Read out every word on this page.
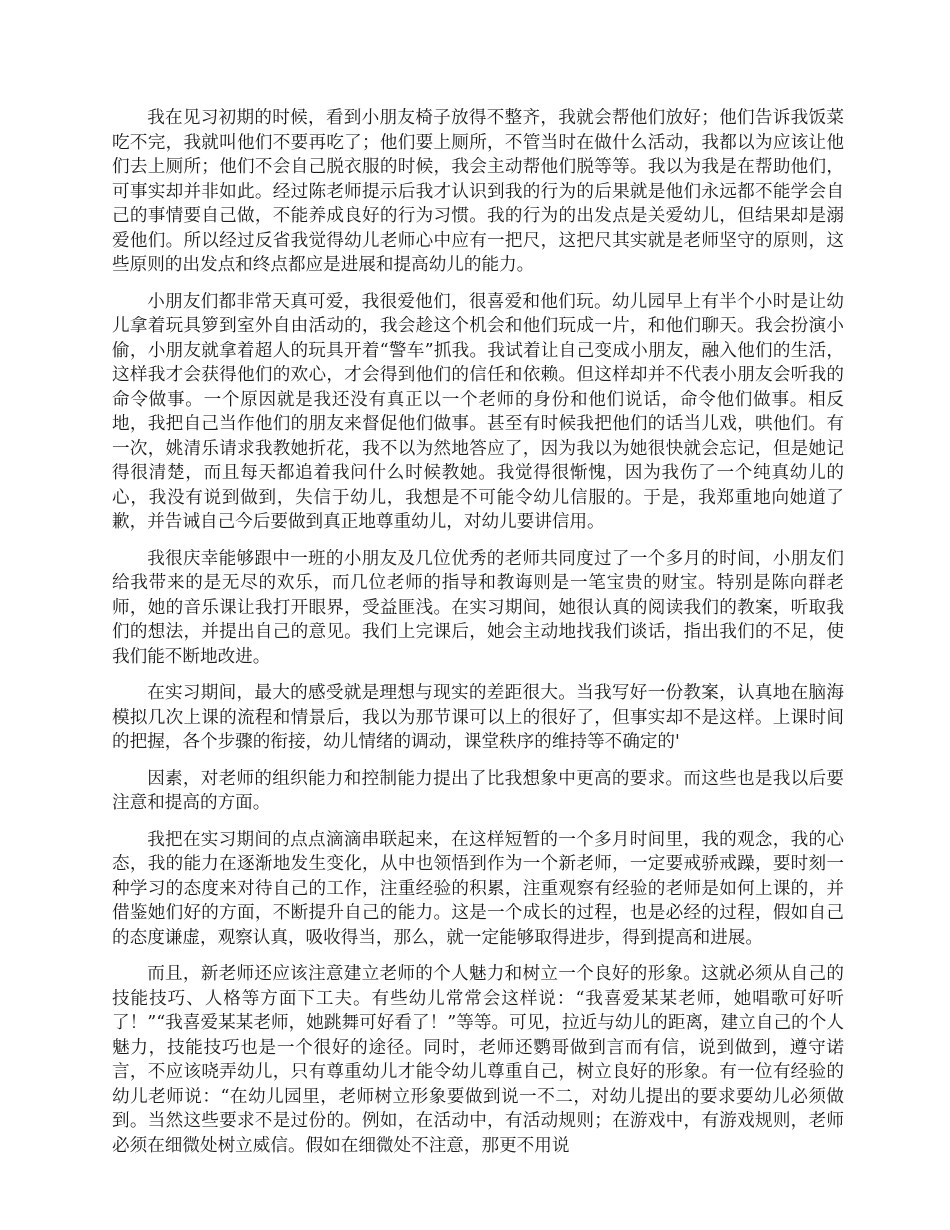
我在见习初期的时候，看到小朋友椅子放得不整齐，我就会帮他们放好；他们告诉我饭菜吃不完，我就叫他们不要再吃了；他们要上厕所，不管当时在做什么活动，我都以为应该让他们去上厕所；他们不会自己脱衣服的时候，我会主动帮他们脱等等。我以为我是在帮助他们，可事实却并非如此。经过陈老师提示后我才认识到我的行为的后果就是他们永远都不能学会自己的事情要自己做，不能养成良好的行为习惯。我的行为的出发点是关爱幼儿，但结果却是溺爱他们。所以经过反省我觉得幼儿老师心中应有一把尺，这把尺其实就是老师坚守的原则，这些原则的出发点和终点都应是进展和提高幼儿的能力。

小朋友们都非常天真可爱，我很爱他们，很喜爱和他们玩。幼儿园早上有半个小时是让幼儿拿着玩具箩到室外自由活动的，我会趁这个机会和他们玩成一片，和他们聊天。我会扮演小偷，小朋友就拿着超人的玩具开着“警车”抓我。我试着让自己变成小朋友，融入他们的生活，这样我才会获得他们的欢心，才会得到他们的信任和依赖。但这样却并不代表小朋友会听我的命令做事。一个原因就是我还没有真正以一个老师的身份和他们说话，命令他们做事。相反地，我把自己当作他们的朋友来督促他们做事。甚至有时候我把他们的话当儿戏，哄他们。有一次，姚清乐请求我教她折花，我不以为然地答应了，因为我以为她很快就会忘记，但是她记得很清楚，而且每天都追着我问什么时候教她。我觉得很惭愧，因为我伤了一个纯真幼儿的心，我没有说到做到，失信于幼儿，我想是不可能令幼儿信服的。于是，我郑重地向她道了歉，并告诫自己今后要做到真正地尊重幼儿，对幼儿要讲信用。

我很庆幸能够跟中一班的小朋友及几位优秀的老师共同度过了一个多月的时间，小朋友们给我带来的是无尽的欢乐，而几位老师的指导和教诲则是一笔宝贵的财宝。特别是陈向群老师，她的音乐课让我打开眼界，受益匪浅。在实习期间，她很认真的阅读我们的教案，听取我们的想法，并提出自己的意见。我们上完课后，她会主动地找我们谈话，指出我们的不足，使我们能不断地改进。

在实习期间，最大的感受就是理想与现实的差距很大。当我写好一份教案，认真地在脑海模拟几次上课的流程和情景后，我以为那节课可以上的很好了，但事实却不是这样。上课时间的把握，各个步骤的衔接，幼儿情绪的调动，课堂秩序的维持等不确定的'

因素，对老师的组织能力和控制能力提出了比我想象中更高的要求。而这些也是我以后要注意和提高的方面。

我把在实习期间的点点滴滴串联起来，在这样短暂的一个多月时间里，我的观念，我的心态，我的能力在逐渐地发生变化，从中也领悟到作为一个新老师，一定要戒骄戒躁，要时刻一种学习的态度来对待自己的工作，注重经验的积累，注重观察有经验的老师是如何上课的，并借鉴她们好的方面，不断提升自己的能力。这是一个成长的过程，也是必经的过程，假如自己的态度谦虚，观察认真，吸收得当，那么，就一定能够取得进步，得到提高和进展。

而且，新老师还应该注意建立老师的个人魅力和树立一个良好的形象。这就必须从自己的技能技巧、人格等方面下工夫。有些幼儿常常会这样说：“我喜爱某某老师，她唱歌可好听了！”“我喜爱某某老师，她跳舞可好看了！”等等。可见，拉近与幼儿的距离，建立自己的个人魅力，技能技巧也是一个很好的途径。同时，老师还鹦哥做到言而有信，说到做到，遵守诺言，不应该哓弄幼儿，只有尊重幼儿才能令幼儿尊重自己，树立良好的形象。有一位有经验的幼儿老师说：“在幼儿园里，老师树立形象要做到说一不二，对幼儿提出的要求要幼儿必须做到。当然这些要求不是过份的。例如，在活动中，有活动规则；在游戏中，有游戏规则，老师必须在细微处树立威信。假如在细微处不注意，那更不用说
